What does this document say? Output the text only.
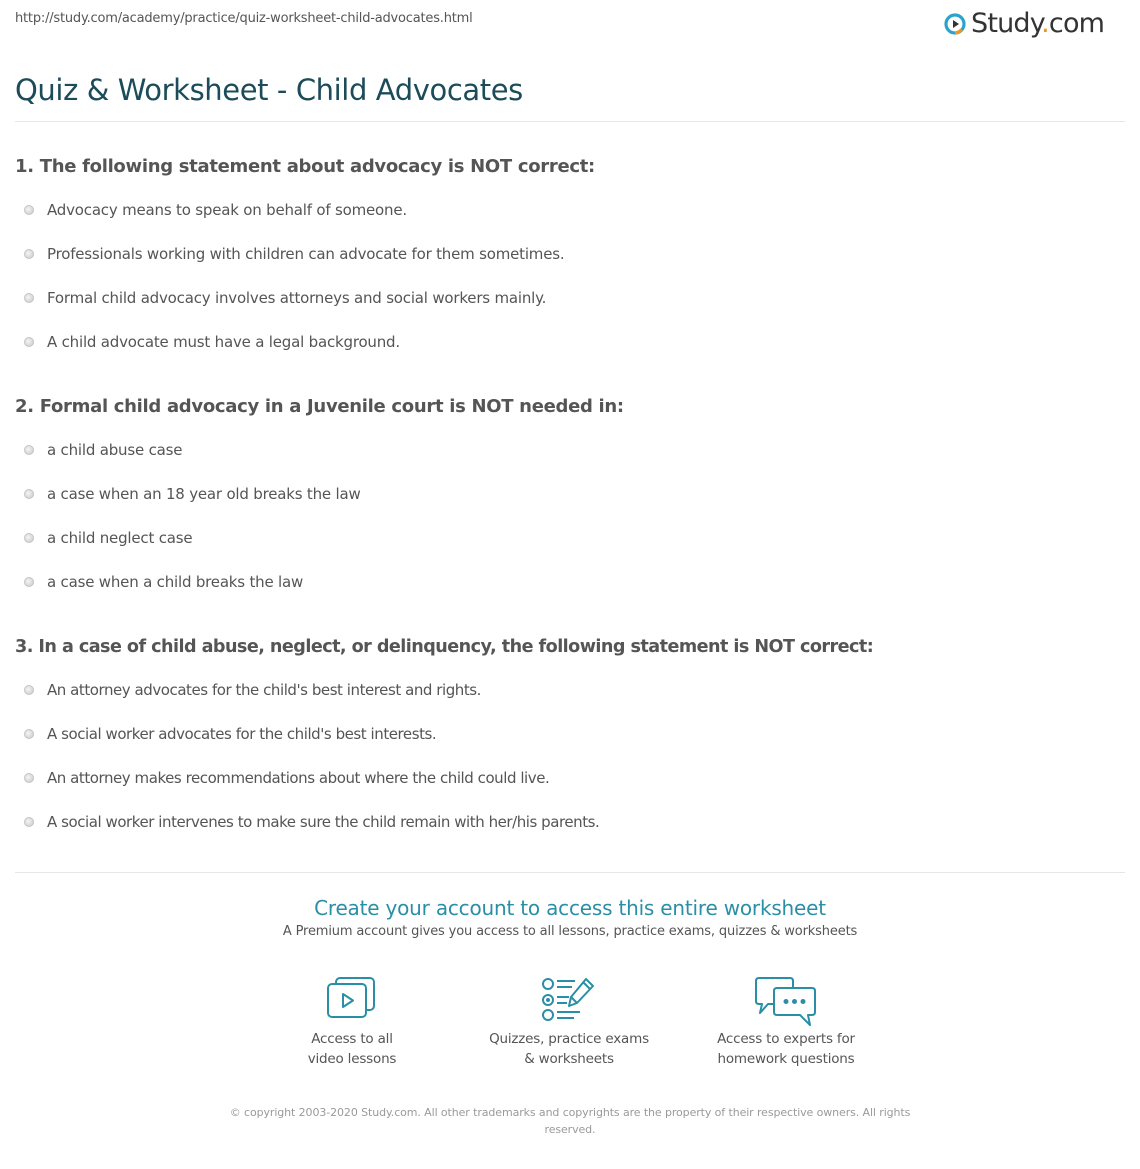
http://study.com/academy/practice/quiz-worksheet-child-advocates.html	Study.com
Quiz & Worksheet - Child Advocates
1. The following statement about advocacy is NOT correct:
Advocacy means to speak on behalf of someone.
Professionals working with children can advocate for them sometimes.
Formal child advocacy involves attorneys and social workers mainly.
A child advocate must have a legal background.
2. Formal child advocacy in a Juvenile court is NOT needed in:
a child abuse case
a case when an 18 year old breaks the law
a child neglect case
a case when a child breaks the law
3. In a case of child abuse, neglect, or delinquency, the following statement is NOT correct:
An attorney advocates for the child's best interest and rights.
A social worker advocates for the child's best interests.
An attorney makes recommendations about where the child could live.
A social worker intervenes to make sure the child remain with her/his parents.
Create your account to access this entire worksheet
A Premium account gives you access to all lessons, practice exams, quizzes & worksheets
Access to all
video lessons
Quizzes, practice exams
& worksheets
Access to experts for
homework questions
© copyright 2003-2020 Study.com. All other trademarks and copyrights are the property of their respective owners. All rights reserved.
